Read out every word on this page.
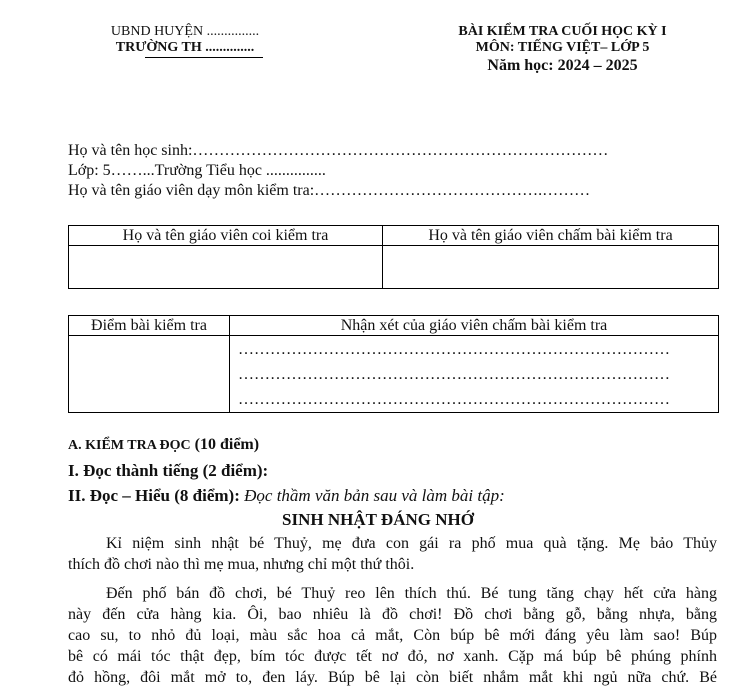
UBND HUYỆN ...............
TRƯỜNG TH ..............
BÀI KIỂM TRA CUỐI HỌC KỲ I
MÔN: TIẾNG VIỆT– LỚP 5
Năm học: 2024 – 2025
Họ và tên học sinh:……………………………………………………………………
Lớp: 5……...Trường Tiểu học ...............
Họ và tên giáo viên dạy môn kiểm tra:…………………………………….………
Họ và tên giáo viên coi kiểm tra	Họ và tên giáo viên chấm bài kiểm tra

Điểm bài kiểm tra	Nhận xét của giáo viên chấm bài kiểm tra

	………………………………………………………………………
………………………………………………………………………
………………………………………………………………………
A. KIỂM TRA ĐỌC (10 điểm)
I. Đọc thành tiếng (2 điểm):
II. Đọc – Hiểu (8 điểm): Đọc thầm văn bản sau và làm bài tập:
SINH NHẬT ĐÁNG NHỚ
Kỉ niệm sinh nhật bé Thuỷ, mẹ đưa con gái ra phố mua quà tặng. Mẹ bảo Thủy
thích đồ chơi nào thì mẹ mua, nhưng chỉ một thứ thôi.
Đến phố bán đồ chơi, bé Thuỷ reo lên thích thú. Bé tung tăng chạy hết cửa hàng
này đến cửa hàng kia. Ôi, bao nhiêu là đồ chơi! Đồ chơi bằng gỗ, bằng nhựa, bằng
cao su, to nhỏ đủ loại, màu sắc hoa cả mắt, Còn búp bê mới đáng yêu làm sao! Búp
bê có mái tóc thật đẹp, bím tóc được tết nơ đỏ, nơ xanh. Cặp má búp bê phúng phính
đỏ hồng, đôi mắt mở to, đen láy. Búp bê lại còn biết nhắm mắt khi ngủ nữa chứ. Bé
